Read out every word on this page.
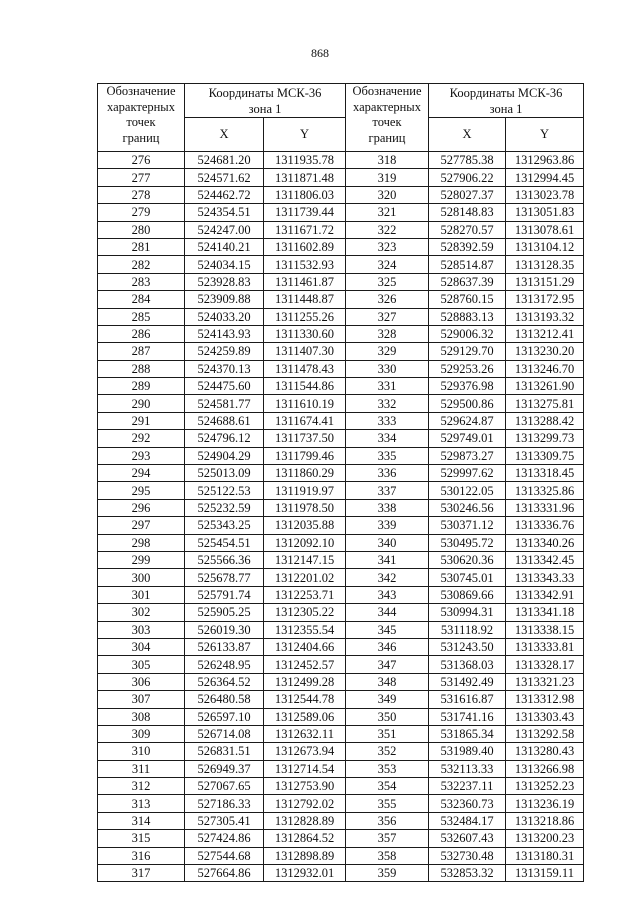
868
Обозначение
характерных
точек
границ	Координаты МСК-36
зона 1	

	X	Y
276	524681.20	1311935.78
277	524571.62	1311871.48
278	524462.72	1311806.03
279	524354.51	1311739.44
280	524247.00	1311671.72
281	524140.21	1311602.89
282	524034.15	1311532.93
283	523928.83	1311461.87
284	523909.88	1311448.87
285	524033.20	1311255.26
286	524143.93	1311330.60
287	524259.89	1311407.30
288	524370.13	1311478.43
289	524475.60	1311544.86
290	524581.77	1311610.19
291	524688.61	1311674.41
292	524796.12	1311737.50
293	524904.29	1311799.46
294	525013.09	1311860.29
295	525122.53	1311919.97
296	525232.59	1311978.50
297	525343.25	1312035.88
298	525454.51	1312092.10
299	525566.36	1312147.15
300	525678.77	1312201.02
301	525791.74	1312253.71
302	525905.25	1312305.22
303	526019.30	1312355.54
304	526133.87	1312404.66
305	526248.95	1312452.57
306	526364.52	1312499.28
307	526480.58	1312544.78
308	526597.10	1312589.06
309	526714.08	1312632.11
310	526831.51	1312673.94
311	526949.37	1312714.54
312	527067.65	1312753.90
313	527186.33	1312792.02
314	527305.41	1312828.89
315	527424.86	1312864.52
316	527544.68	1312898.89
317	527664.86	1312932.01
Обозначение
характерных
точек
границ	Координаты МСК-36
зона 1	

	X	Y
318	527785.38	1312963.86
319	527906.22	1312994.45
320	528027.37	1313023.78
321	528148.83	1313051.83
322	528270.57	1313078.61
323	528392.59	1313104.12
324	528514.87	1313128.35
325	528637.39	1313151.29
326	528760.15	1313172.95
327	528883.13	1313193.32
328	529006.32	1313212.41
329	529129.70	1313230.20
330	529253.26	1313246.70
331	529376.98	1313261.90
332	529500.86	1313275.81
333	529624.87	1313288.42
334	529749.01	1313299.73
335	529873.27	1313309.75
336	529997.62	1313318.45
337	530122.05	1313325.86
338	530246.56	1313331.96
339	530371.12	1313336.76
340	530495.72	1313340.26
341	530620.36	1313342.45
342	530745.01	1313343.33
343	530869.66	1313342.91
344	530994.31	1313341.18
345	531118.92	1313338.15
346	531243.50	1313333.81
347	531368.03	1313328.17
348	531492.49	1313321.23
349	531616.87	1313312.98
350	531741.16	1313303.43
351	531865.34	1313292.58
352	531989.40	1313280.43
353	532113.33	1313266.98
354	532237.11	1313252.23
355	532360.73	1313236.19
356	532484.17	1313218.86
357	532607.43	1313200.23
358	532730.48	1313180.31
359	532853.32	1313159.11
